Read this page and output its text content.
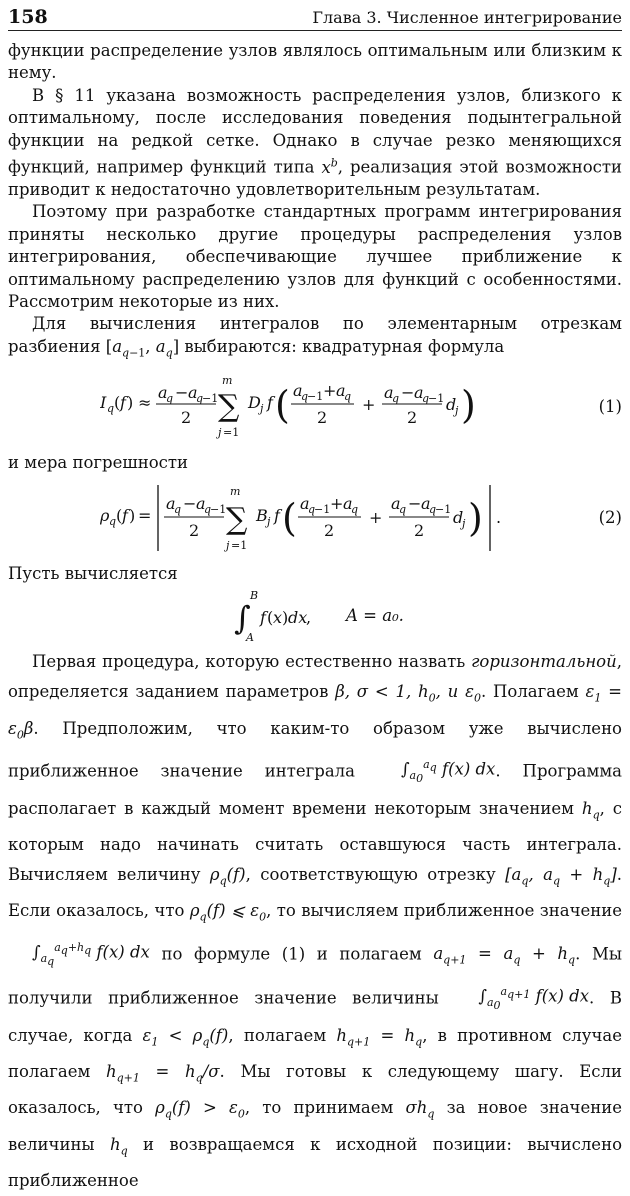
158	Глава 3. Численное интегрирование

функции распределение узлов являлось оптимальным или близким к нему.

В § 11 указана возможность распределения узлов, близкого к оптимальному, после исследования поведения подынтегральной функции на редкой сетке. Однако в случае резко меняющихся функций, например функций типа $x^b$, реализация этой возможности приводит к недостаточно удовлетворительным результатам.

Поэтому при разработке стандартных программ интегрирования приняты несколько другие процедуры распределения узлов интегрирования, обеспечивающие лучшее приближение к оптимальному распределению узлов для функций с особенностями. Рассмотрим некоторые из них.

Для вычисления интегралов по элементарным отрезкам разбиения [$a_{q-1}$, $a_q$] выбираются: квадратурная формула

I q ( f ) ≈
a
q − a
q
−1
2
m
∑
j =1
D j f ( a
q
−1 + a
q
2
+
a
q − a
q
−1
2
d
j )	(1)

и мера погрешности

ρ q ( f ) =
a
q − a
q
−1
2
m
∑
j =1
B j f ( a
q
−1 + a
q
2
+
a
q − a
q
−1
2
d
j ) .	(2)

Пусть вычисляется

∫
B
A
f ( x ) dx
, A = a₀.

Первая процедура, которую естественно назвать горизонтальной, определяется заданием параметров β, σ < 1, $h_0$, и $\varepsilon_0$. Полагаем $\varepsilon_1 = \varepsilon_0\beta$. Предположим, что каким-то образом уже вычислено приближенное значение интеграла	$\int_{a_0}^{a_q}$ f(x) dx. Программа располагает в каждый момент времени некоторым значением $h_q$, с которым надо начинать считать оставшуюся часть интеграла. Вычисляем величину $\rho_q(f)$, соответствующую отрезку [$a_q$, $a_q + h_q$]. Если оказалось, что $\rho_q(f)$ ⩽ $\varepsilon_0$, то вычисляем приближенное значение $\int_{a_q}^{a_q+h_q}$ f(x) dx по формуле (1) и полагаем $a_{q+1} = a_q + h_q$. Мы получили приближенное значение величины $\int_{a_0}^{a_{q+1}}$ f(x) dx. В случае, когда $\varepsilon_1 < \rho_q(f)$, полагаем $h_{q+1} = h_q$, в противном случае полагаем $h_{q+1} = h_q/\sigma$. Мы готовы к следующему шагу. Если оказалось, что $\rho_q(f) > \varepsilon_0$, то принимаем $\sigma h_q$ за новое значение величины $h_q$ и возвращаемся к исходной позиции: вычислено приближенное
